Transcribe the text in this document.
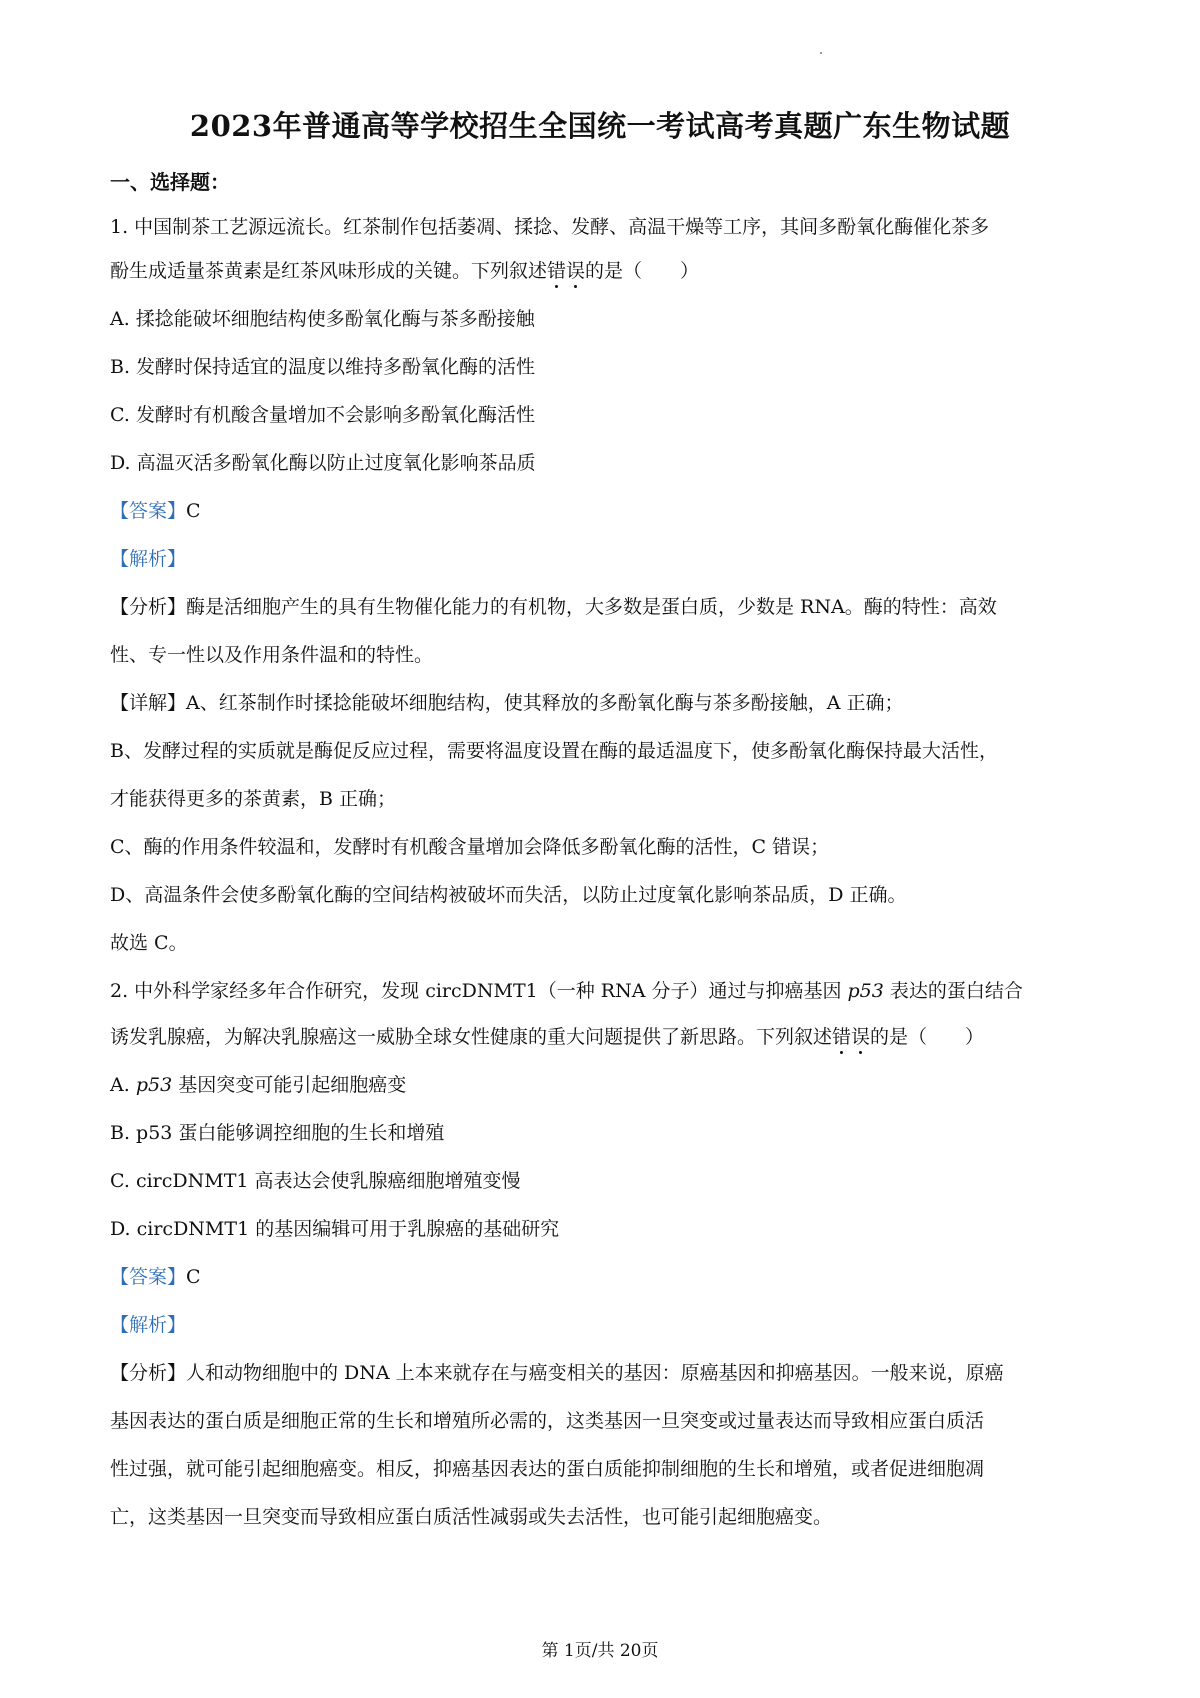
2023年普通高等学校招生全国统一考试高考真题广东生物试题
一、选择题：
1. 中国制茶工艺源远流长。红茶制作包括萎凋、揉捻、发酵、高温干燥等工序，其间多酚氧化酶催化茶多
酚生成适量茶黄素是红茶风味形成的关键。下列叙述错误的是（　　）
A. 揉捻能破坏细胞结构使多酚氧化酶与茶多酚接触
B. 发酵时保持适宜的温度以维持多酚氧化酶的活性
C. 发酵时有机酸含量增加不会影响多酚氧化酶活性
D. 高温灭活多酚氧化酶以防止过度氧化影响茶品质
【答案】C
【解析】
【分析】酶是活细胞产生的具有生物催化能力的有机物，大多数是蛋白质，少数是 RNA。酶的特性：高效
性、专一性以及作用条件温和的特性。
【详解】A、红茶制作时揉捻能破坏细胞结构，使其释放的多酚氧化酶与茶多酚接触，A 正确；
B、发酵过程的实质就是酶促反应过程，需要将温度设置在酶的最适温度下，使多酚氧化酶保持最大活性，
才能获得更多的茶黄素，B 正确；
C、酶的作用条件较温和，发酵时有机酸含量增加会降低多酚氧化酶的活性，C 错误；
D、高温条件会使多酚氧化酶的空间结构被破坏而失活，以防止过度氧化影响茶品质，D 正确。
故选 C。
2. 中外科学家经多年合作研究，发现 circDNMT1（一种 RNA 分子）通过与抑癌基因 p53 表达的蛋白结合
诱发乳腺癌，为解决乳腺癌这一威胁全球女性健康的重大问题提供了新思路。下列叙述错误的是（　　）
A. p53 基因突变可能引起细胞癌变
B. p53 蛋白能够调控细胞的生长和增殖
C. circDNMT1 高表达会使乳腺癌细胞增殖变慢
D. circDNMT1 的基因编辑可用于乳腺癌的基础研究
【答案】C
【解析】
【分析】人和动物细胞中的 DNA 上本来就存在与癌变相关的基因：原癌基因和抑癌基因。一般来说，原癌
基因表达的蛋白质是细胞正常的生长和增殖所必需的，这类基因一旦突变或过量表达而导致相应蛋白质活
性过强，就可能引起细胞癌变。相反，抑癌基因表达的蛋白质能抑制细胞的生长和增殖，或者促进细胞凋
亡，这类基因一旦突变而导致相应蛋白质活性减弱或失去活性，也可能引起细胞癌变。
第 1页/共 20页
